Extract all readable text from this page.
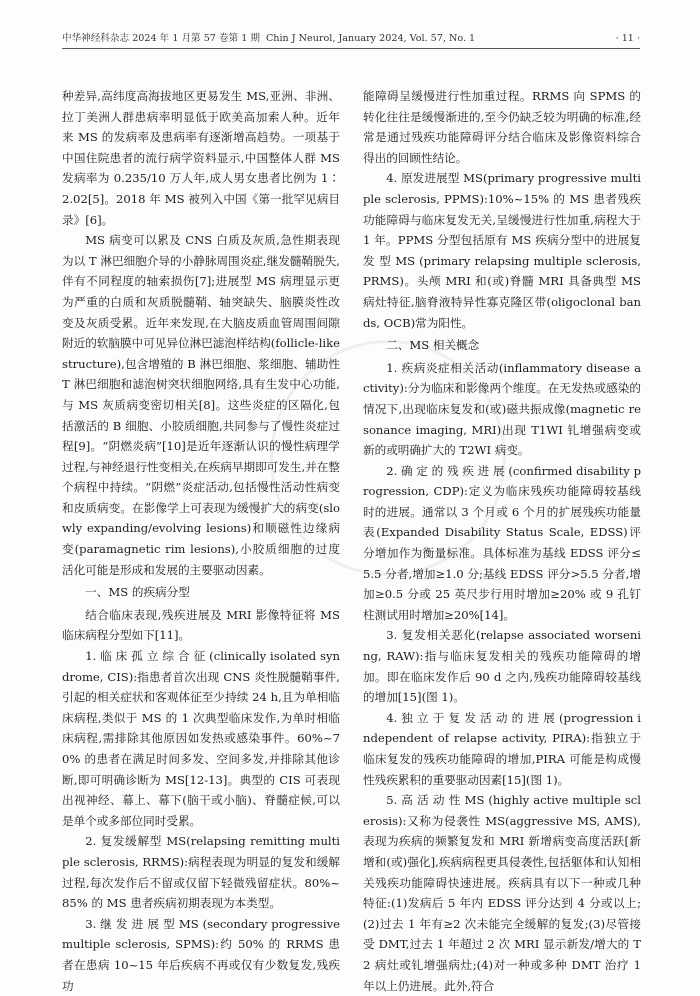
中华神经科杂志 2024 年 1 月第 57 卷第 1 期 Chin J Neurol, January 2024, Vol. 57, No. 1	· 11 ·

种差异,高纬度高海拔地区更易发生 MS,亚洲、非洲、拉丁美洲人群患病率明显低于欧美高加索人种。近年来 MS 的发病率及患病率有逐渐增高趋势。一项基于中国住院患者的流行病学资料显示,中国整体人群 MS 发病率为 0.235/10 万人年,成人男女患者比例为 1∶2.02[5]。2018 年 MS 被列入中国《第一批罕见病目录》[6]。

MS 病变可以累及 CNS 白质及灰质,急性期表现为以 T 淋巴细胞介导的小静脉周围炎症,继发髓鞘脱失,伴有不同程度的轴索损伤[7];进展型 MS 病理显示更为严重的白质和灰质脱髓鞘、轴突缺失、脑膜炎性改变及灰质受累。近年来发现,在大脑皮质血管周围间隙附近的软脑膜中可见异位淋巴滤泡样结构(follicle-like structure),包含增殖的 B 淋巴细胞、浆细胞、辅助性 T 淋巴细胞和滤泡树突状细胞网络,具有生发中心功能,与 MS 灰质病变密切相关[8]。这些炎症的区隔化,包括激活的 B 细胞、小胶质细胞,共同参与了慢性炎症过程[9]。“阴燃炎病”[10]是近年逐渐认识的慢性病理学过程,与神经退行性变相关,在疾病早期即可发生,并在整个病程中持续。“阴燃”炎症活动,包括慢性活动性病变和皮质病变。在影像学上可表现为缓慢扩大的病变(slowly expanding/evolving lesions)和顺磁性边缘病变(paramagnetic rim lesions),小胶质细胞的过度活化可能是形成和发展的主要驱动因素。

一、MS 的疾病分型

结合临床表现,残疾进展及 MRI 影像特征将 MS 临床病程分型如下[11]。

1. 临 床 孤 立 综 合 征 (clinically isolated syndrome, CIS):指患者首次出现 CNS 炎性脱髓鞘事件,引起的相关症状和客观体征至少持续 24 h,且为单相临床病程,类似于 MS 的 1 次典型临床发作,为单时相临床病程,需排除其他原因如发热或感染事件。60%~70% 的患者在满足时间多发、空间多发,并排除其他诊断,即可明确诊断为 MS[12-13]。典型的 CIS 可表现出视神经、幕上、幕下(脑干或小脑)、脊髓症候,可以是单个或多部位同时受累。

2. 复发缓解型 MS(relapsing remitting multiple sclerosis, RRMS):病程表现为明显的复发和缓解过程,每次发作后不留或仅留下轻微残留症状。80%~85% 的 MS 患者疾病初期表现为本类型。

3. 继 发 进 展 型 MS (secondary progressive multiple sclerosis, SPMS):约 50% 的 RRMS 患者在患病 10~15 年后疾病不再或仅有少数复发,残疾功

能障碍呈缓慢进行性加重过程。RRMS 向 SPMS 的转化往往是缓慢渐进的,至今仍缺乏较为明确的标准,经常是通过残疾功能障碍评分结合临床及影像资料综合得出的回顾性结论。

4. 原发进展型 MS(primary progressive multiple sclerosis, PPMS):10%~15% 的 MS 患者残疾功能障碍与临床复发无关,呈缓慢进行性加重,病程大于 1 年。PPMS 分型包括原有 MS 疾病分型中的进展复 发 型 MS (primary relapsing multiple sclerosis, PRMS)。头颅 MRI 和(或)脊髓 MRI 具备典型 MS 病灶特征,脑脊液特异性寡克隆区带(oligoclonal bands, OCB)常为阳性。

二、MS 相关概念

1. 疾病炎症相关活动(inflammatory disease activity):分为临床和影像两个维度。在无发热或感染的情况下,出现临床复发和(或)磁共振成像(magnetic resonance imaging, MRI)出现 T1WI 钆增强病变或新的或明确扩大的 T2WI 病变。

2. 确 定 的 残 疾 进 展 (confirmed disability progression, CDP):定义为临床残疾功能障碍较基线时的进展。通常以 3 个月或 6 个月的扩展残疾功能量表(Expanded Disability Status Scale, EDSS)评分增加作为衡量标准。具体标准为基线 EDSS 评分≤5.5 分者,增加≥1.0 分;基线 EDSS 评分>5.5 分者,增加≥0.5 分或 25 英尺步行用时增加≥20% 或 9 孔钉柱测试用时增加≥20%[14]。

3. 复发相关恶化(relapse associated worsening, RAW):指与临床复发相关的残疾功能障碍的增加。即在临床发作后 90 d 之内,残疾功能障碍较基线的增加[15](图 1)。

4. 独 立 于 复 发 活 动 的 进 展 (progression independent of relapse activity, PIRA):指独立于临床复发的残疾功能障碍的增加,PIRA 可能是构成慢性残疾累积的重要驱动因素[15](图 1)。

5. 高 活 动 性 MS (highly active multiple sclerosis):又称为侵袭性 MS(aggressive MS, AMS),表现为疾病的频繁复发和 MRI 新增病变高度活跃[新增和(或)强化],疾病病程更具侵袭性,包括躯体和认知相关残疾功能障碍快速进展。疾病具有以下一种或几种特征:(1)发病后 5 年内 EDSS 评分达到 4 分或以上;(2)过去 1 年有≥2 次未能完全缓解的复发;(3)尽管接受 DMT,过去 1 年超过 2 次 MRI 显示新发/增大的 T2 病灶或钆增强病灶;(4)对一种或多种 DMT 治疗 1 年以上仍进展。此外,符合
